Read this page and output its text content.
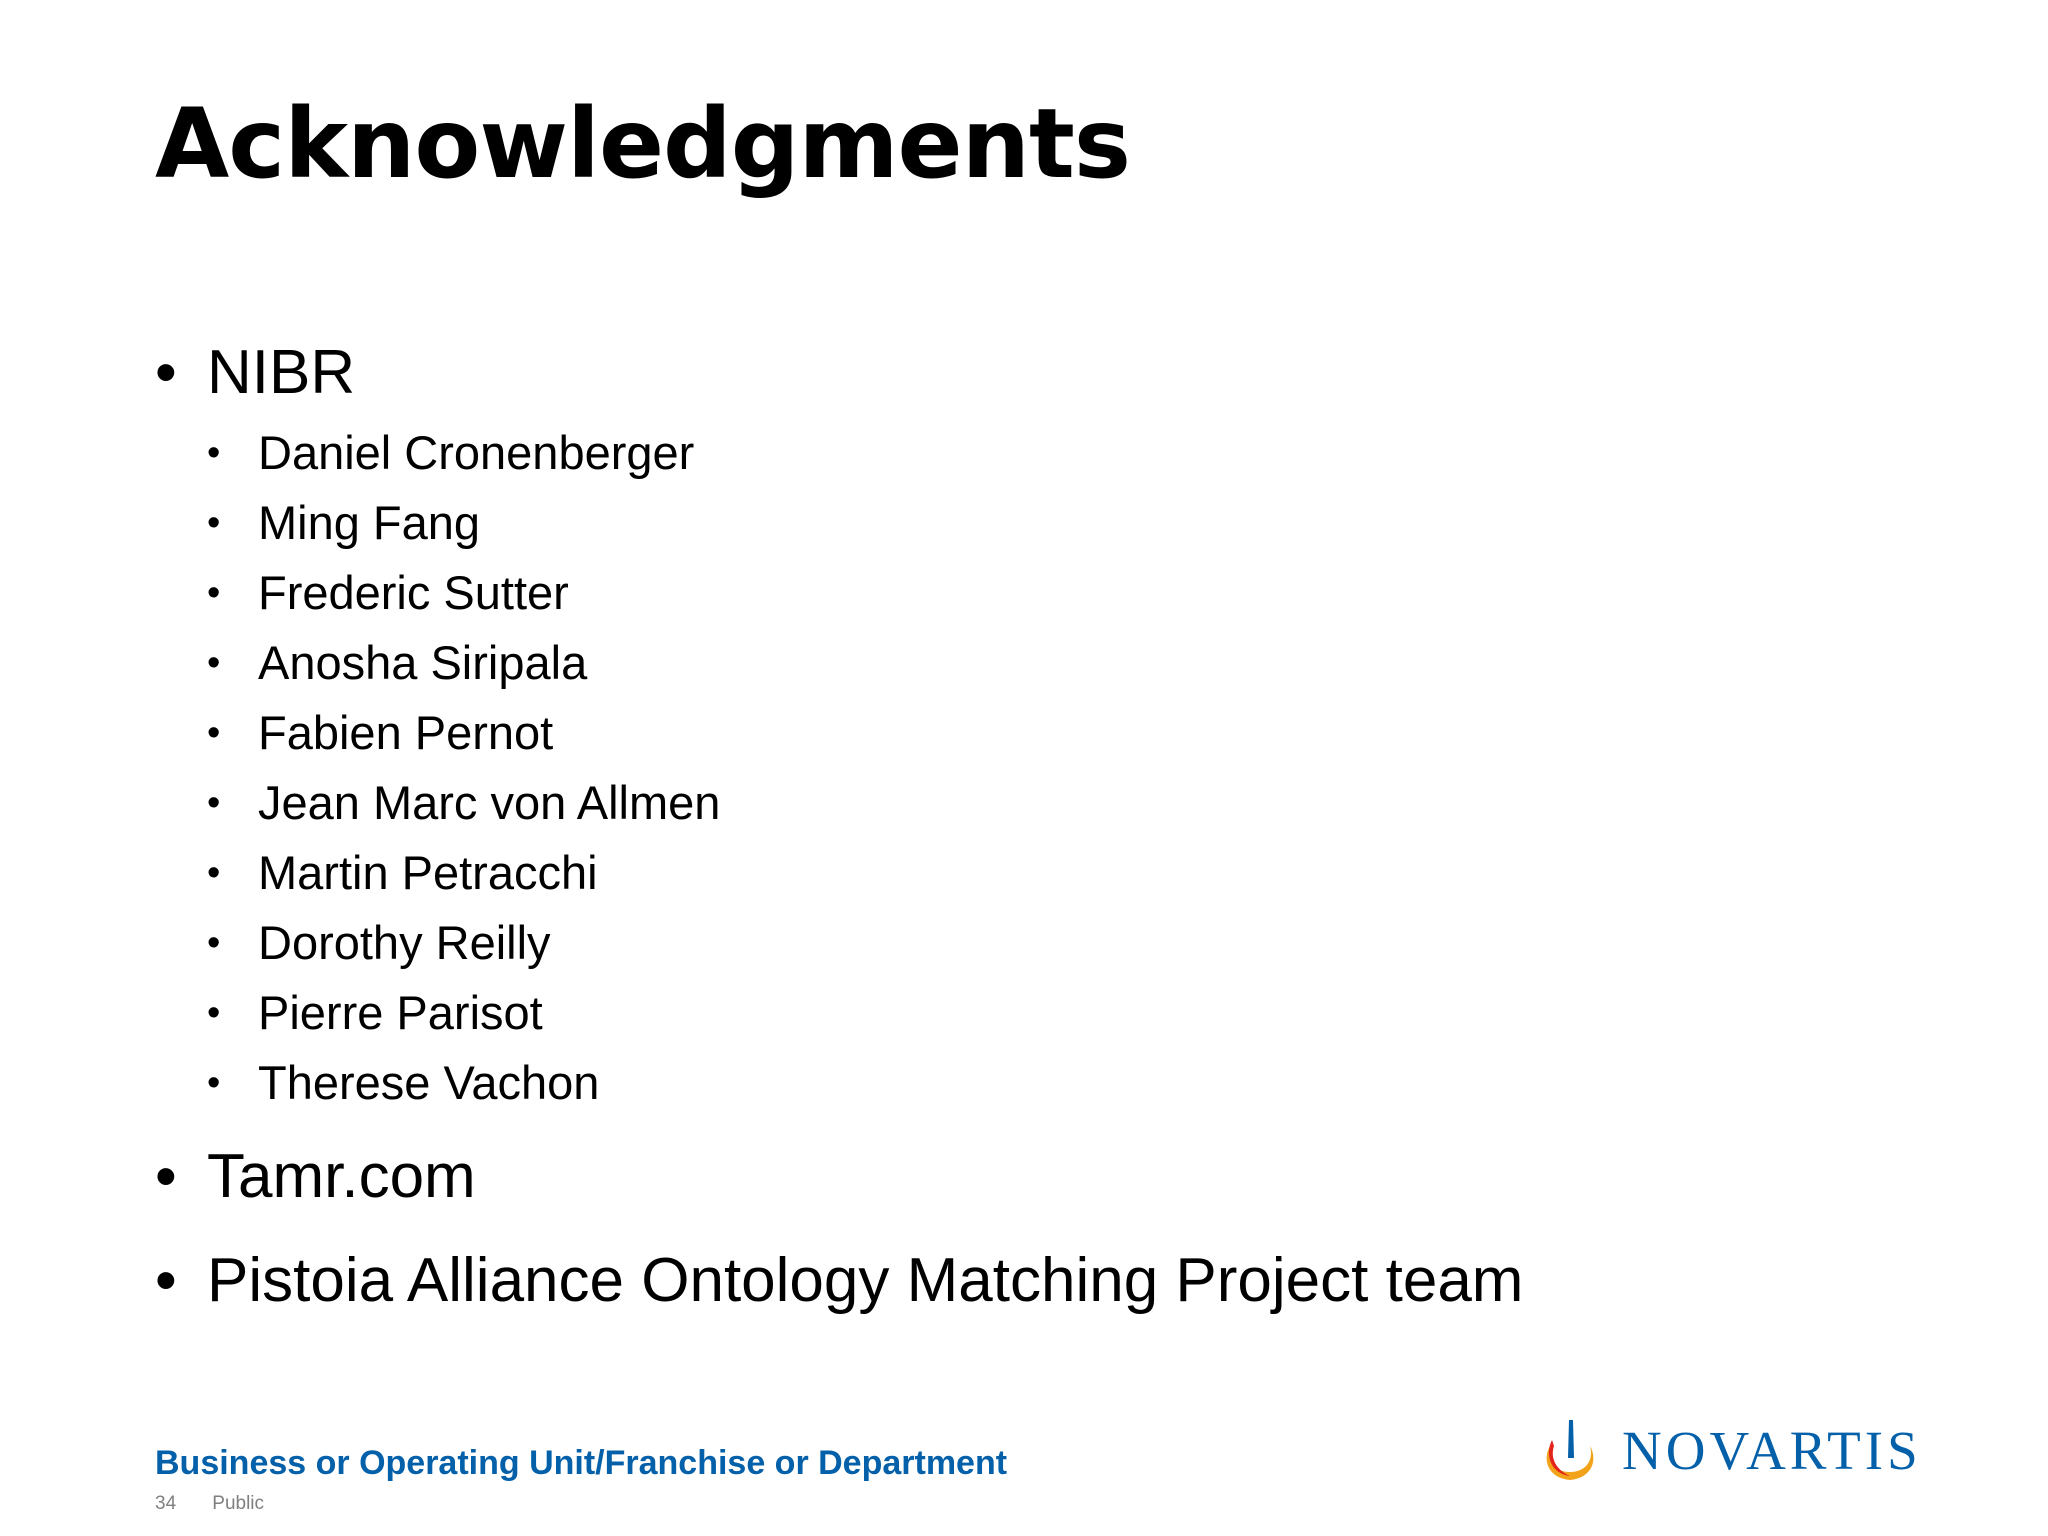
Acknowledgments
• NIBR
• Daniel Cronenberger
• Ming Fang
• Frederic Sutter
• Anosha Siripala
• Fabien Pernot
• Jean Marc von Allmen
• Martin Petracchi
• Dorothy Reilly
• Pierre Parisot
• Therese Vachon
• Tamr.com
• Pistoia Alliance Ontology Matching Project team
Business or Operating Unit/Franchise or Department
34 Public
NOVARTIS
